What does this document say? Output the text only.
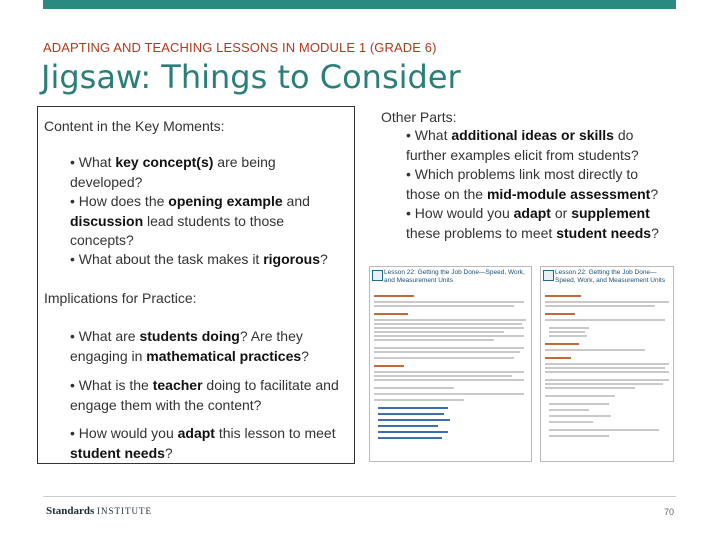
ADAPTING AND TEACHING LESSONS IN MODULE 1 (GRADE 6)
Jigsaw: Things to Consider
Content in the Key Moments:
• What key concept(s) are being developed?
• How does the opening example and discussion lead students to those concepts?
• What about the task makes it rigorous?
Implications for Practice:
• What are students doing? Are they engaging in mathematical practices?
• What is the teacher doing to facilitate and engage them with the content?
• How would you adapt this lesson to meet student needs?
Other Parts:
• What additional ideas or skills do further examples elicit from students?
• Which problems link most directly to those on the mid-module assessment?
• How would you adapt or supplement these problems to meet student needs?
Lesson 22: Getting the Job Done—Speed, Work, and Measurement Units
Lesson 22: Getting the Job Done—Speed, Work, and Measurement Units
Standards INSTITUTE	70
